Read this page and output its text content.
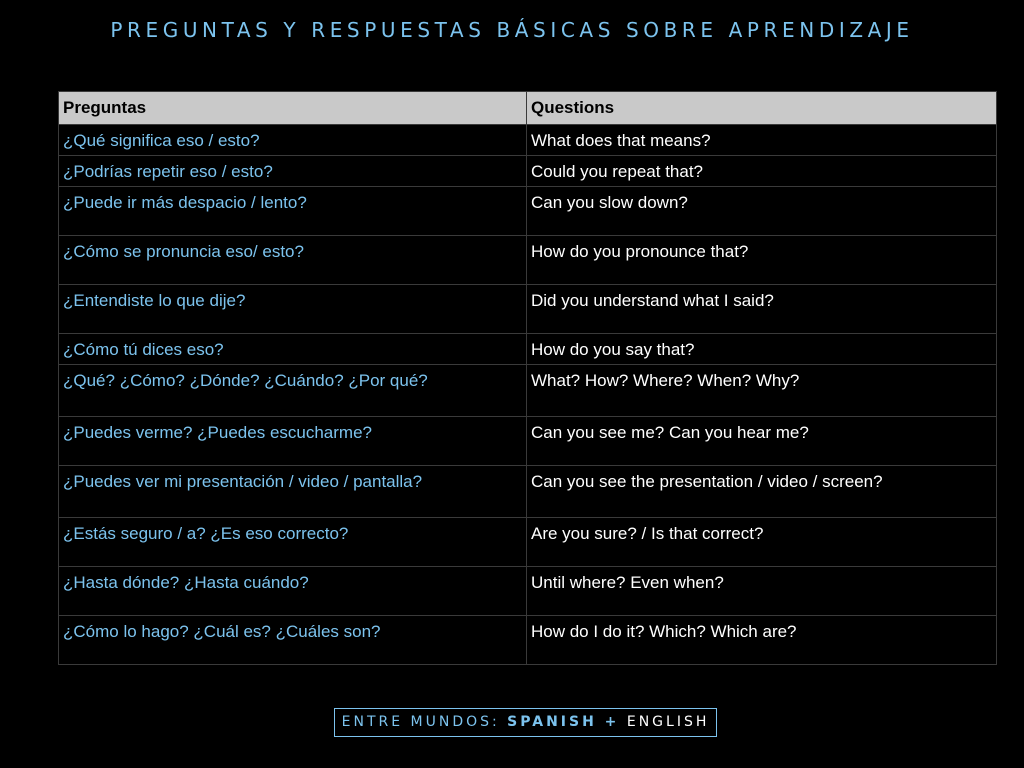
PREGUNTAS Y RESPUESTAS BÁSICAS SOBRE APRENDIZAJE
Preguntas	Questions
¿Qué significa eso / esto?	What does that means?
¿Podrías repetir eso / esto?	Could you repeat that?
¿Puede ir más despacio / lento?	Can you slow down?
¿Cómo se pronuncia eso/ esto?	How do you pronounce that?
¿Entendiste lo que dije?	Did you understand what I said?
¿Cómo tú dices eso?	How do you say that?
¿Qué? ¿Cómo? ¿Dónde? ¿Cuándo? ¿Por qué?	What? How? Where? When? Why?
¿Puedes verme? ¿Puedes escucharme?	Can you see me? Can you hear me?
¿Puedes ver mi presentación / video / pantalla?	Can you see the presentation / video / screen?
¿Estás seguro / a? ¿Es eso correcto?	Are you sure? / Is that correct?
¿Hasta dónde? ¿Hasta cuándo?	Until where? Even when?
¿Cómo lo hago? ¿Cuál es? ¿Cuáles son?	How do I do it? Which? Which are?
ENTRE MUNDOS: SPANISH + ENGLISH
